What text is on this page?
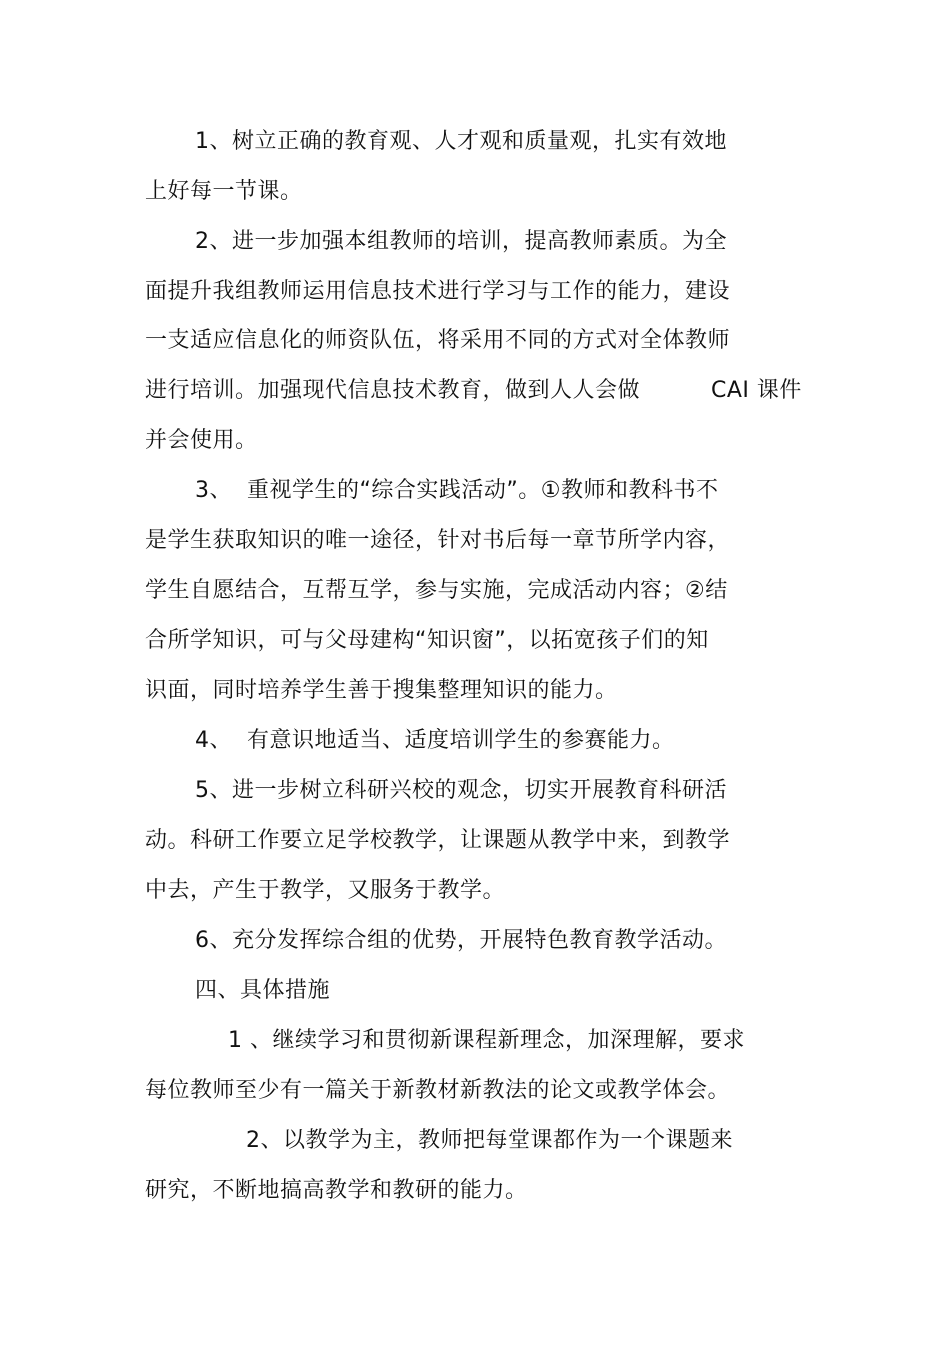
1、树立正确的教育观、人才观和质量观，扎实有效地
上好每一节课。
2、进一步加强本组教师的培训，提高教师素质。为全
面提升我组教师运用信息技术进行学习与工作的能力，建设
一支适应信息化的师资队伍，将采用不同的方式对全体教师
进行培训。加强现代信息技术教育，做到人人会做	CAI 课件
并会使用。
3、  重视学生的“综合实践活动”。①教师和教科书不
是学生获取知识的唯一途径，针对书后每一章节所学内容，
学生自愿结合，互帮互学，参与实施，完成活动内容；②结
合所学知识，可与父母建构“知识窗”，以拓宽孩子们的知
识面，同时培养学生善于搜集整理知识的能力。
4、  有意识地适当、适度培训学生的参赛能力。
5、进一步树立科研兴校的观念，切实开展教育科研活
动。科研工作要立足学校教学，让课题从教学中来，到教学
中去，产生于教学，又服务于教学。
6、充分发挥综合组的优势，开展特色教育教学活动。
四、具体措施
1 、继续学习和贯彻新课程新理念，加深理解，要求
每位教师至少有一篇关于新教材新教法的论文或教学体会。
2、以教学为主，教师把每堂课都作为一个课题来
研究，不断地搞高教学和教研的能力。
